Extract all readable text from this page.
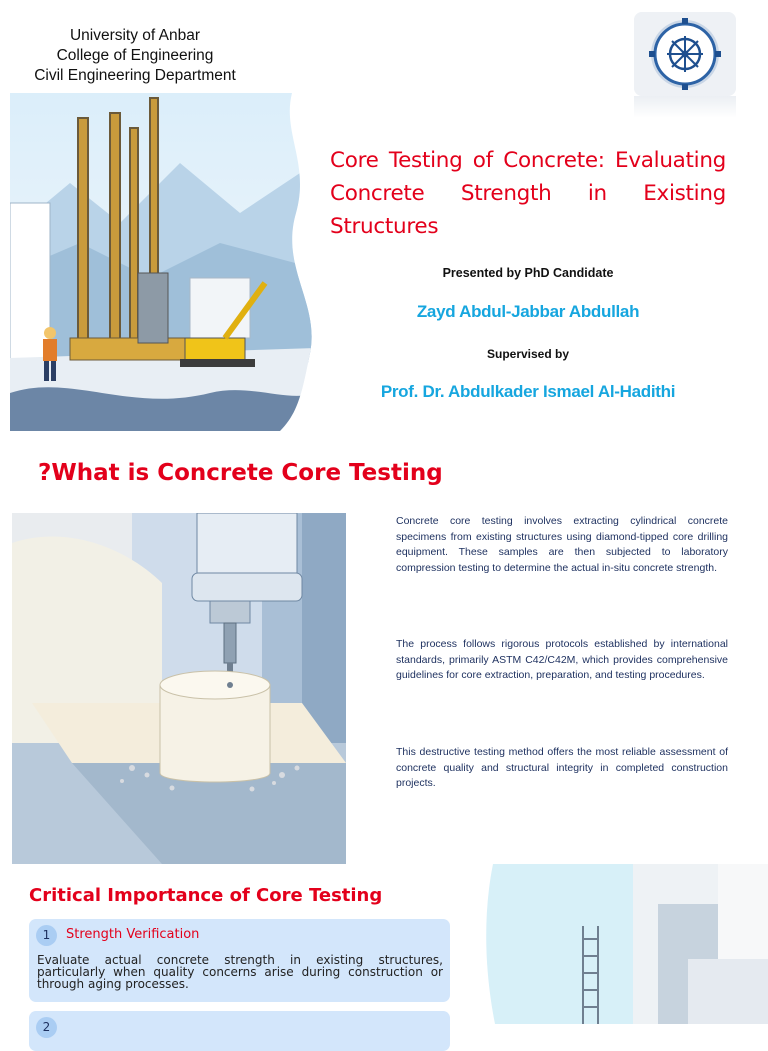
University of Anbar
College of Engineering
Civil Engineering Department
Core Testing of Concrete: Evaluating Concrete Strength in Existing Structures
Presented by PhD Candidate
Zayd Abdul-Jabbar Abdullah
Supervised by
Prof. Dr. Abdulkader Ismael Al-Hadithi
?What is Concrete Core Testing
Concrete core testing involves extracting cylindrical concrete specimens from existing structures using diamond-tipped core drilling equipment. These samples are then subjected to laboratory compression testing to determine the actual in-situ concrete strength.
The process follows rigorous protocols established by international standards, primarily ASTM C42/C42M, which provides comprehensive guidelines for core extraction, preparation, and testing procedures.
This destructive testing method offers the most reliable assessment of concrete quality and structural integrity in completed construction projects.
Critical Importance of Core Testing
1	Strength Verification
Evaluate actual concrete strength in existing structures, particularly when quality concerns arise during construction or through aging processes.
2
